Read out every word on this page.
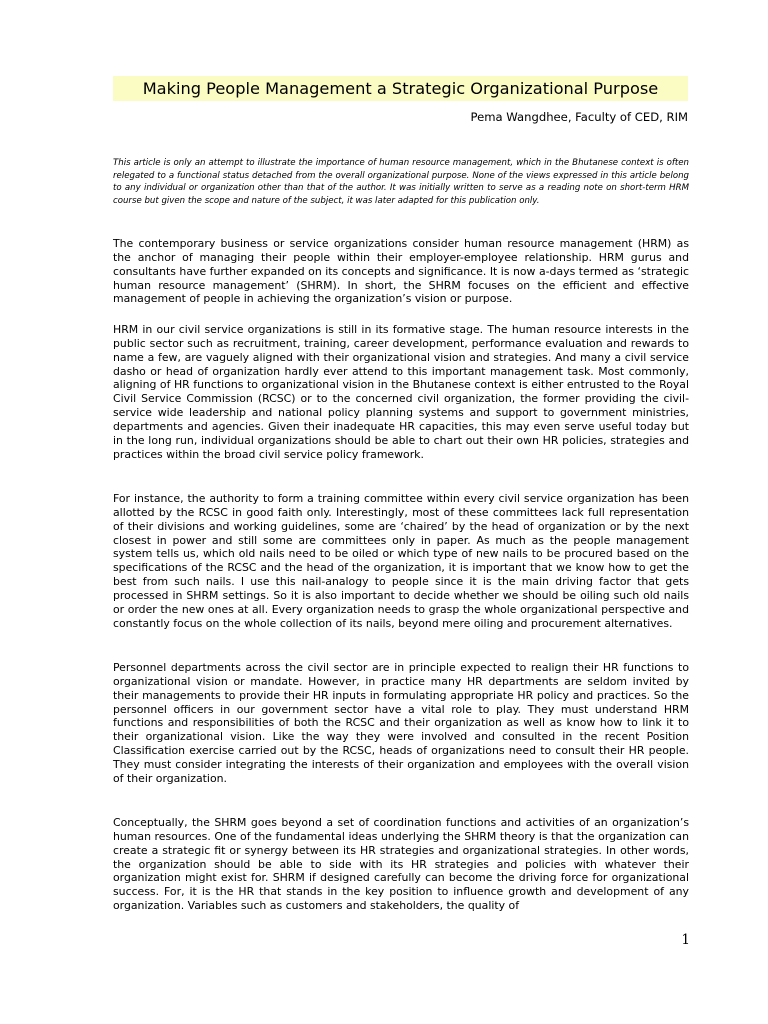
Making People Management a Strategic Organizational Purpose
Pema Wangdhee, Faculty of CED, RIM
This article is only an attempt to illustrate the importance of human resource management, which in the Bhutanese context is often relegated to a functional status detached from the overall organizational purpose. None of the views expressed in this article belong to any individual or organization other than that of the author. It was initially written to serve as a reading note on short-term HRM course but given the scope and nature of the subject, it was later adapted for this publication only.
The contemporary business or service organizations consider human resource management (HRM) as the anchor of managing their people within their employer-employee relationship. HRM gurus and consultants have further expanded on its concepts and significance. It is now a-days termed as ‘strategic human resource management’ (SHRM). In short, the SHRM focuses on the efficient and effective management of people in achieving the organization’s vision or purpose.
HRM in our civil service organizations is still in its formative stage. The human resource interests in the public sector such as recruitment, training, career development, performance evaluation and rewards to name a few, are vaguely aligned with their organizational vision and strategies. And many a civil service dasho or head of organization hardly ever attend to this important management task. Most commonly, aligning of HR functions to organizational vision in the Bhutanese context is either entrusted to the Royal Civil Service Commission (RCSC) or to the concerned civil organization, the former providing the civil-service wide leadership and national policy planning systems and support to government ministries, departments and agencies. Given their inadequate HR capacities, this may even serve useful today but in the long run, individual organizations should be able to chart out their own HR policies, strategies and practices within the broad civil service policy framework.
For instance, the authority to form a training committee within every civil service organization has been allotted by the RCSC in good faith only. Interestingly, most of these committees lack full representation of their divisions and working guidelines, some are ‘chaired’ by the head of organization or by the next closest in power and still some are committees only in paper. As much as the people management system tells us, which old nails need to be oiled or which type of new nails to be procured based on the specifications of the RCSC and the head of the organization, it is important that we know how to get the best from such nails. I use this nail-analogy to people since it is the main driving factor that gets processed in SHRM settings. So it is also important to decide whether we should be oiling such old nails or order the new ones at all. Every organization needs to grasp the whole organizational perspective and constantly focus on the whole collection of its nails, beyond mere oiling and procurement alternatives.
Personnel departments across the civil sector are in principle expected to realign their HR functions to organizational vision or mandate. However, in practice many HR departments are seldom invited by their managements to provide their HR inputs in formulating appropriate HR policy and practices. So the personnel officers in our government sector have a vital role to play. They must understand HRM functions and responsibilities of both the RCSC and their organization as well as know how to link it to their organizational vision. Like the way they were involved and consulted in the recent Position Classification exercise carried out by the RCSC, heads of organizations need to consult their HR people. They must consider integrating the interests of their organization and employees with the overall vision of their organization.
Conceptually, the SHRM goes beyond a set of coordination functions and activities of an organization’s human resources. One of the fundamental ideas underlying the SHRM theory is that the organization can create a strategic fit or synergy between its HR strategies and organizational strategies. In other words, the organization should be able to side with its HR strategies and policies with whatever their organization might exist for. SHRM if designed carefully can become the driving force for organizational success. For, it is the HR that stands in the key position to influence growth and development of any organization. Variables such as customers and stakeholders, the quality of
1
